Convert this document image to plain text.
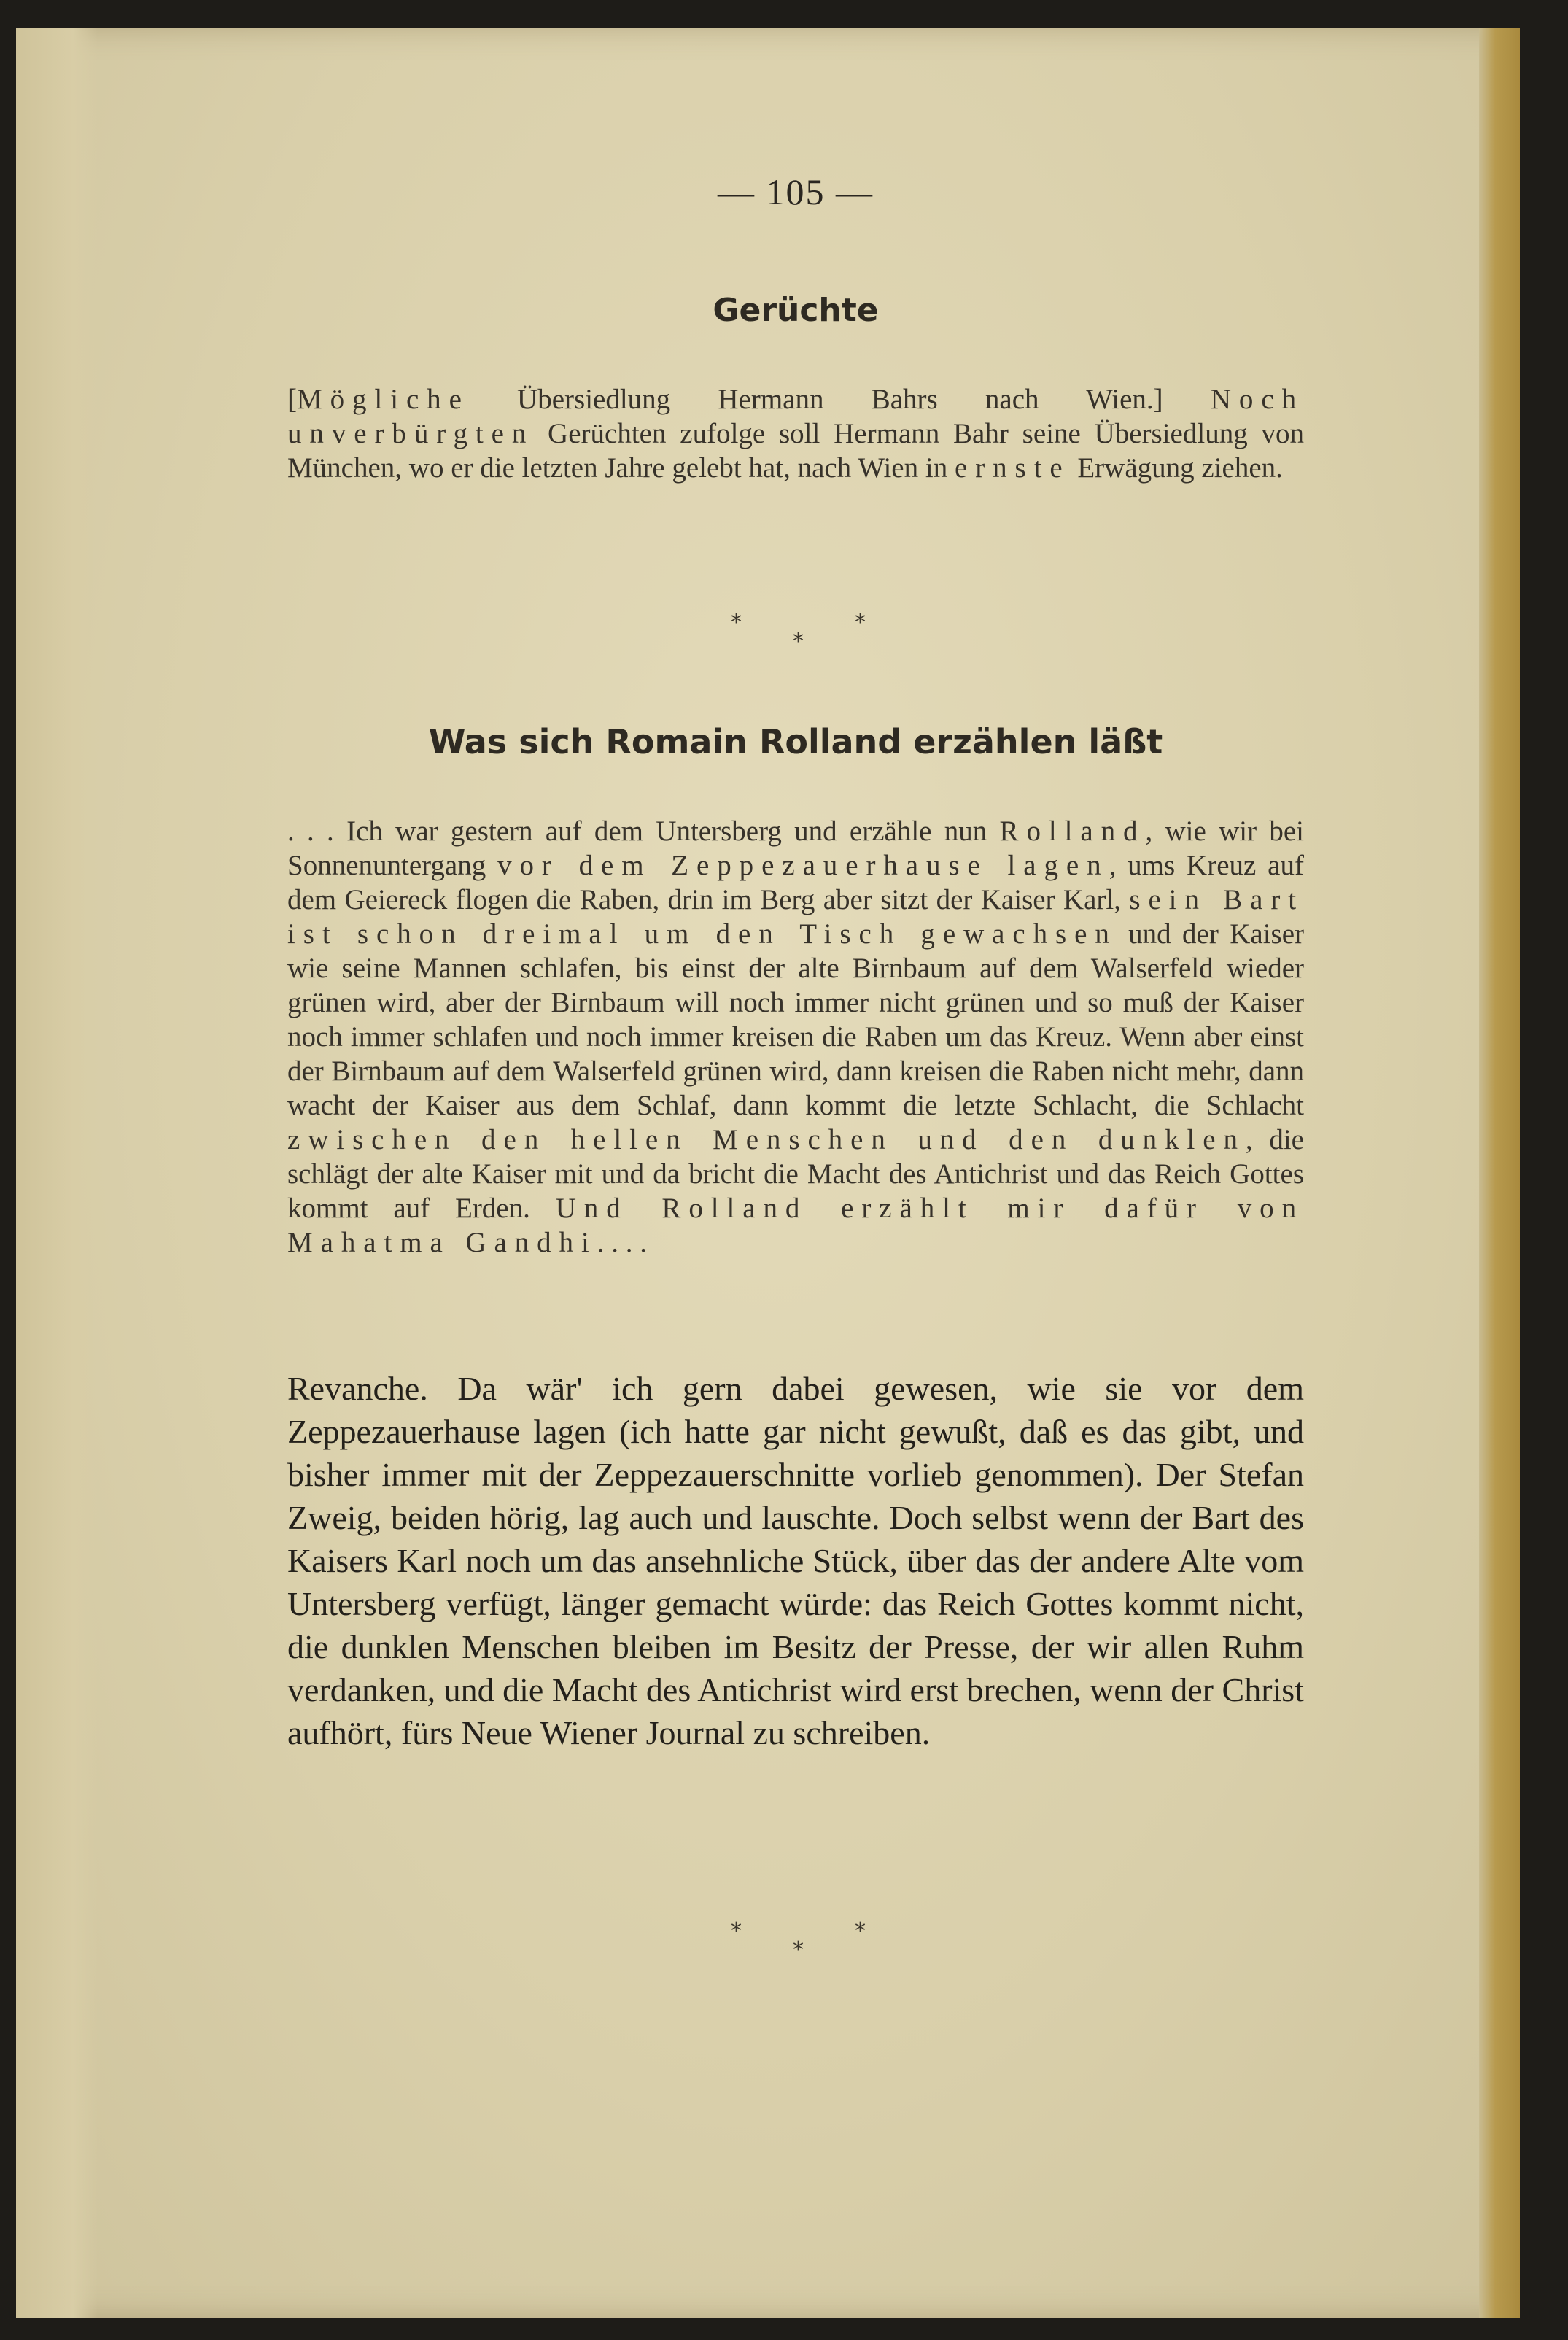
— 105 —
Gerüchte
[Mögliche Übersiedlung Hermann Bahrs nach Wien.] Noch unverbürgten Gerüchten zufolge soll Hermann Bahr seine Übersiedlung von München, wo er die letzten Jahre gelebt hat, nach Wien in ernste Erwägung ziehen.
*	*
*
Was sich Romain Rolland erzählen läßt
. . . Ich war gestern auf dem Untersberg und erzähle nun Rolland, wie wir bei Sonnenuntergang vor dem Zeppezauerhause lagen, ums Kreuz auf dem Geiereck flogen die Raben, drin im Berg aber sitzt der Kaiser Karl, sein Bart ist schon dreimal um den Tisch gewachsen und der Kaiser wie seine Mannen schlafen, bis einst der alte Birnbaum auf dem Walserfeld wieder grünen wird, aber der Birnbaum will noch immer nicht grünen und so muß der Kaiser noch immer schlafen und noch immer kreisen die Raben um das Kreuz. Wenn aber einst der Birnbaum auf dem Walserfeld grünen wird, dann kreisen die Raben nicht mehr, dann wacht der Kaiser aus dem Schlaf, dann kommt die letzte Schlacht, die Schlacht zwischen den hellen Menschen und den dunklen, die schlägt der alte Kaiser mit und da bricht die Macht des Antichrist und das Reich Gottes kommt auf Erden. Und Rolland erzählt mir dafür von Mahatma Gandhi. . . .
Revanche. Da wär' ich gern dabei gewesen, wie sie vor dem Zeppezauerhause lagen (ich hatte gar nicht gewußt, daß es das gibt, und bisher immer mit der Zeppezauerschnitte vorlieb genommen). Der Stefan Zweig, beiden hörig, lag auch und lauschte. Doch selbst wenn der Bart des Kaisers Karl noch um das ansehnliche Stück, über das der andere Alte vom Untersberg verfügt, länger gemacht würde: das Reich Gottes kommt nicht, die dunklen Menschen bleiben im Besitz der Presse, der wir allen Ruhm verdanken, und die Macht des Antichrist wird erst brechen, wenn der Christ aufhört, fürs Neue Wiener Journal zu schreiben.
*	*
*
